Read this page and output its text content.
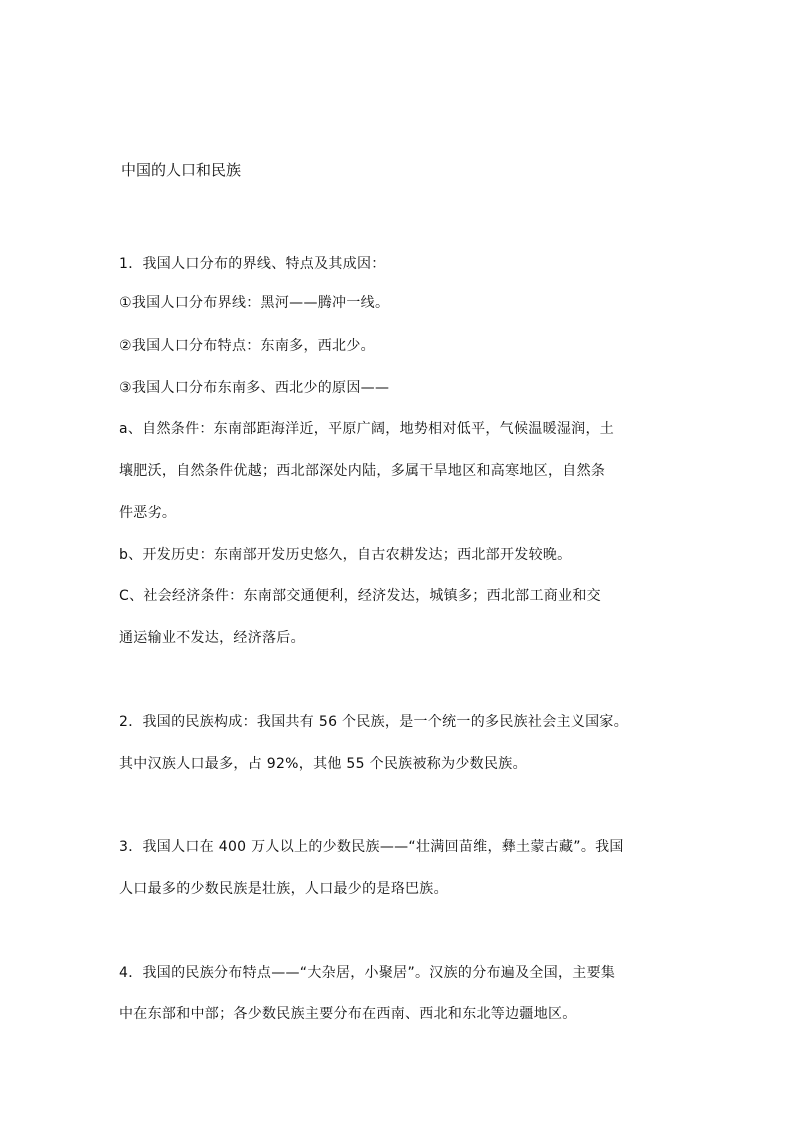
中国的人口和民族
1．我国人口分布的界线、特点及其成因：
①我国人口分布界线：黑河——腾冲一线。
②我国人口分布特点：东南多，西北少。
③我国人口分布东南多、西北少的原因——
a、自然条件：东南部距海洋近，平原广阔，地势相对低平，气候温暖湿润，土
壤肥沃，自然条件优越；西北部深处内陆，多属干旱地区和高寒地区，自然条
件恶劣。
b、开发历史：东南部开发历史悠久，自古农耕发达；西北部开发较晚。
C、社会经济条件：东南部交通便利，经济发达，城镇多；西北部工商业和交
通运输业不发达，经济落后。
2．我国的民族构成：我国共有 56 个民族，是一个统一的多民族社会主义国家。
其中汉族人口最多，占 92%，其他 55 个民族被称为少数民族。
3．我国人口在 400 万人以上的少数民族——“壮满回苗维，彝土蒙古藏”。我国
人口最多的少数民族是壮族，人口最少的是珞巴族。
4．我国的民族分布特点——“大杂居，小聚居”。汉族的分布遍及全国，主要集
中在东部和中部；各少数民族主要分布在西南、西北和东北等边疆地区。
